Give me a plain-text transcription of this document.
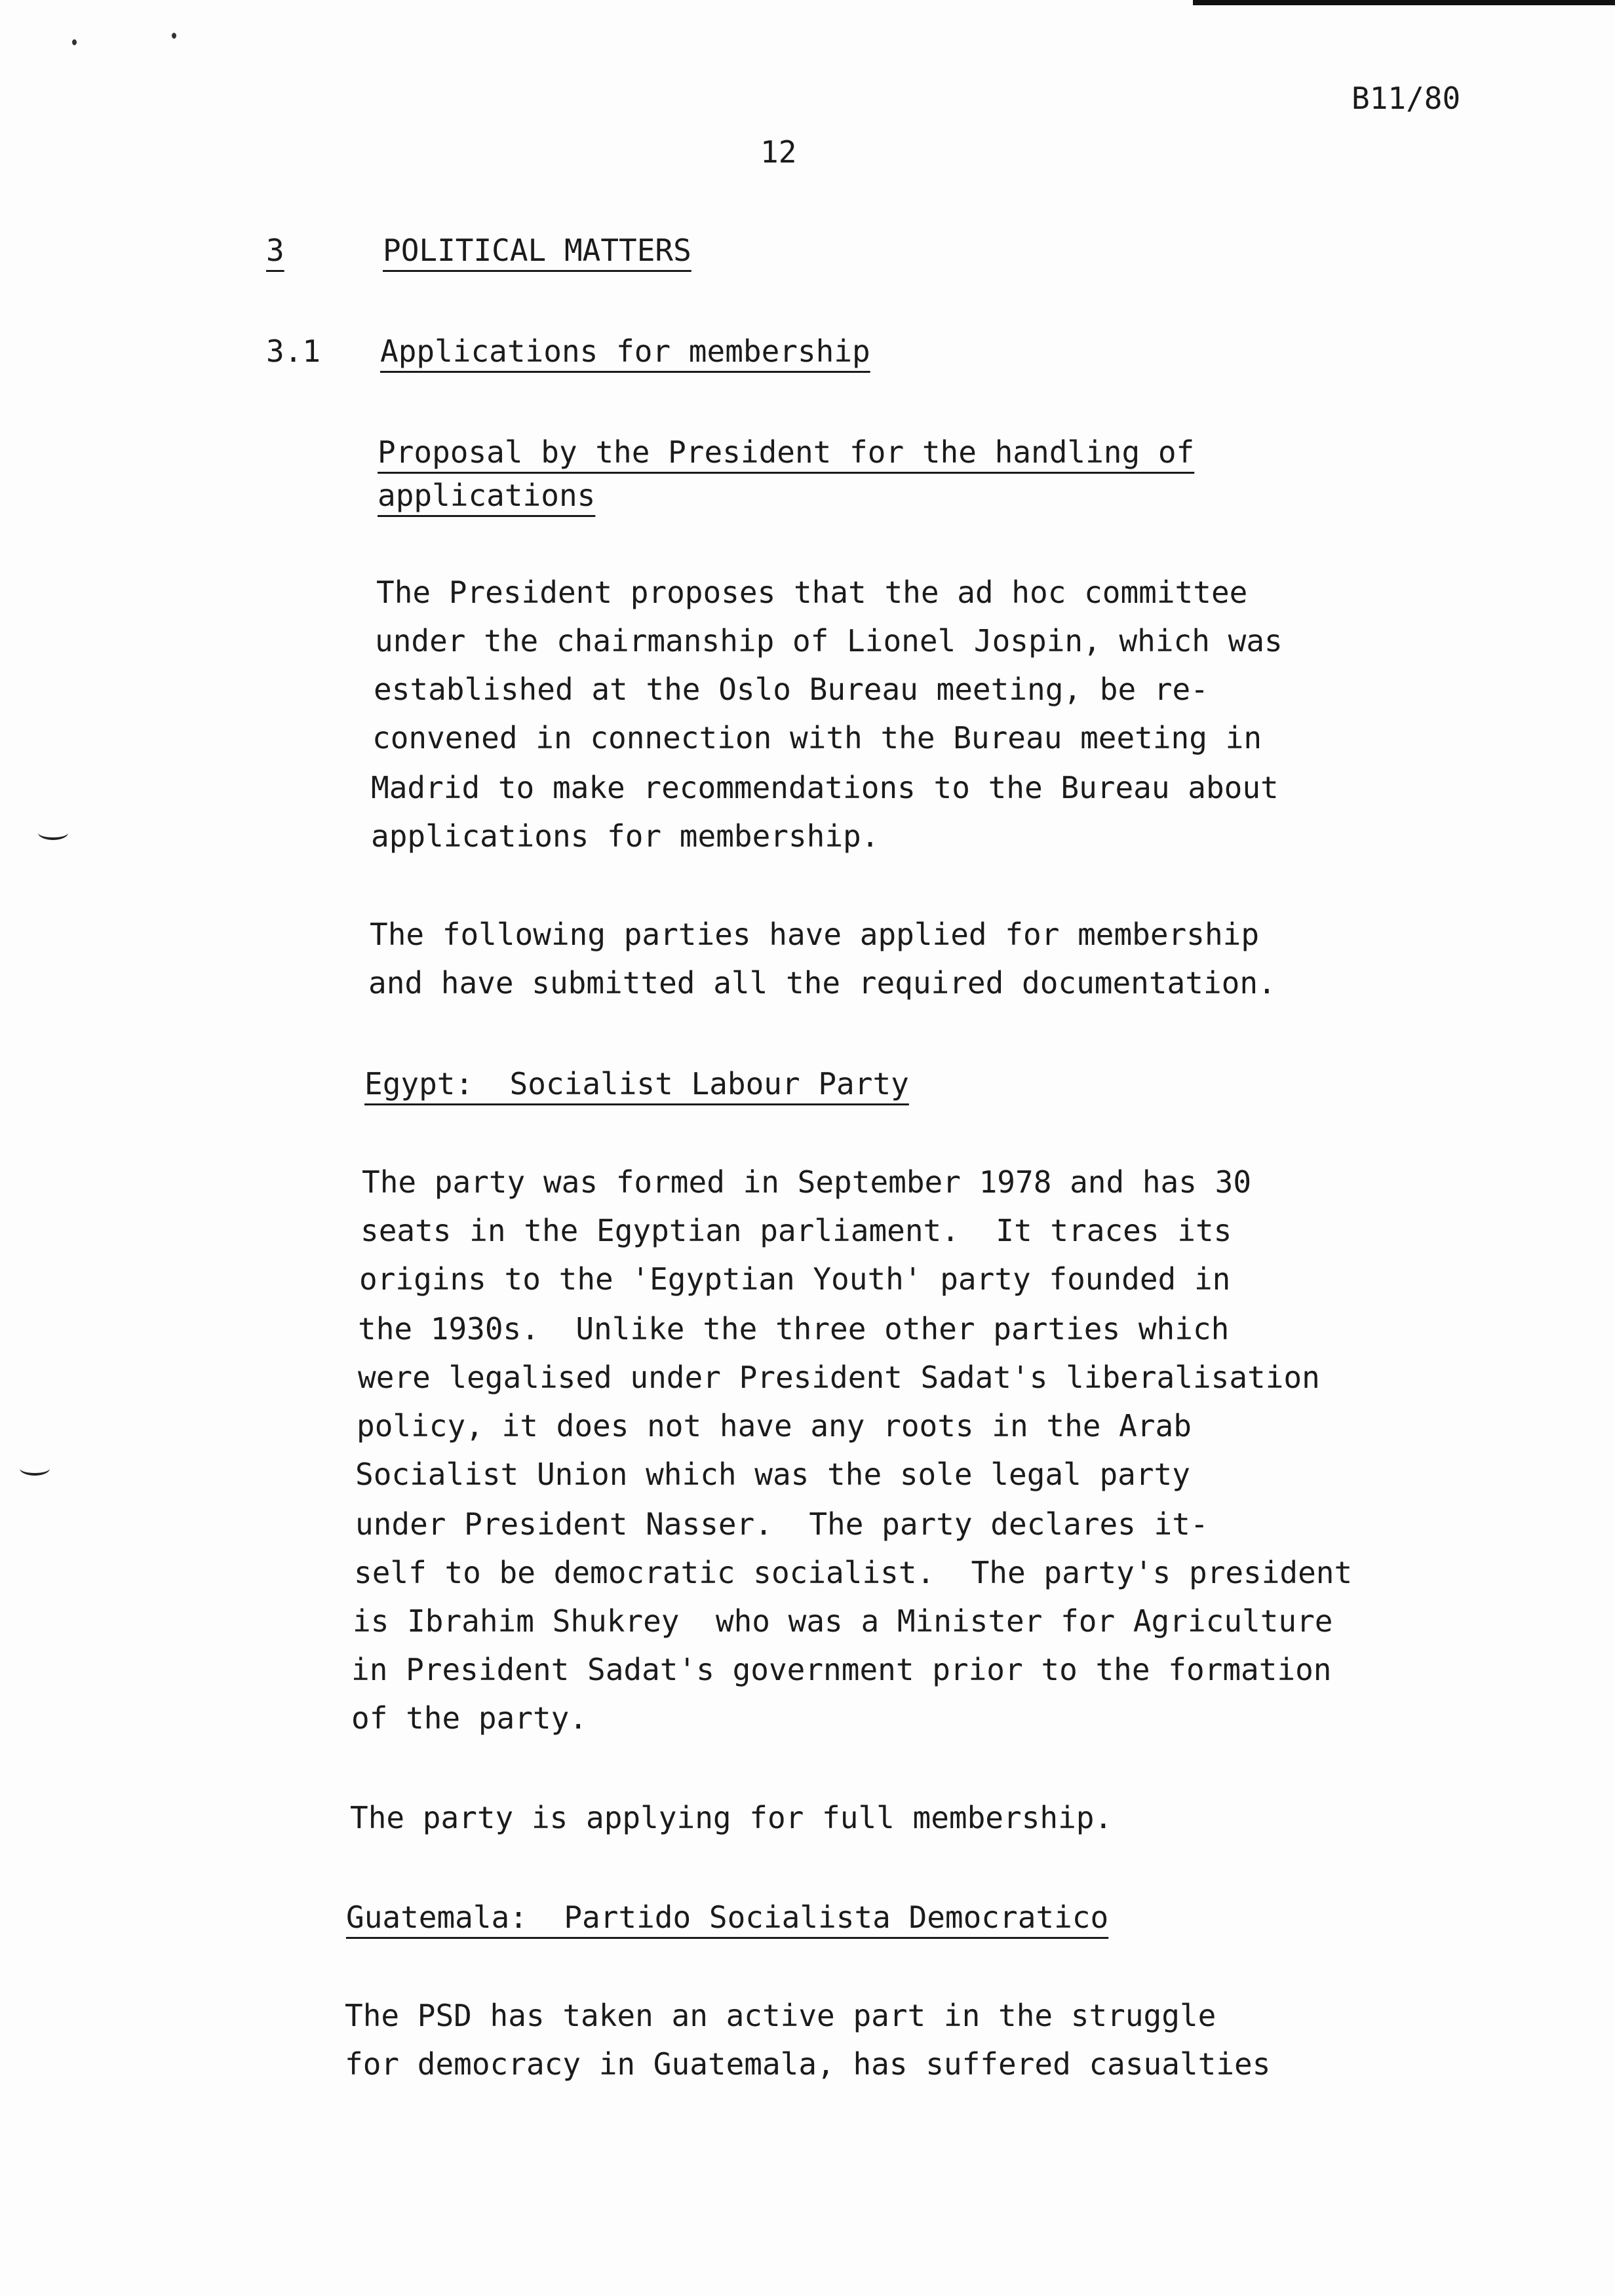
B11/80
12
3	POLITICAL MATTERS
3.1 Applications for membership
Proposal by the President for the handling of
applications
The President proposes that the ad hoc committee
under the chairmanship of Lionel Jospin, which was
established at the Oslo Bureau meeting, be re-
convened in connection with the Bureau meeting in
Madrid to make recommendations to the Bureau about
applications for membership.
The following parties have applied for membership
and have submitted all the required documentation.
Egypt:  Socialist Labour Party
The party was formed in September 1978 and has 30
seats in the Egyptian parliament.  It traces its
origins to the 'Egyptian Youth' party founded in
the 1930s.  Unlike the three other parties which
were legalised under President Sadat's liberalisation
policy, it does not have any roots in the Arab
Socialist Union which was the sole legal party
under President Nasser.  The party declares it-
self to be democratic socialist.  The party's president
is Ibrahim Shukrey  who was a Minister for Agriculture
in President Sadat's government prior to the formation
of the party.
The party is applying for full membership.
Guatemala:  Partido Socialista Democratico
The PSD has taken an active part in the struggle
for democracy in Guatemala, has suffered casualties
